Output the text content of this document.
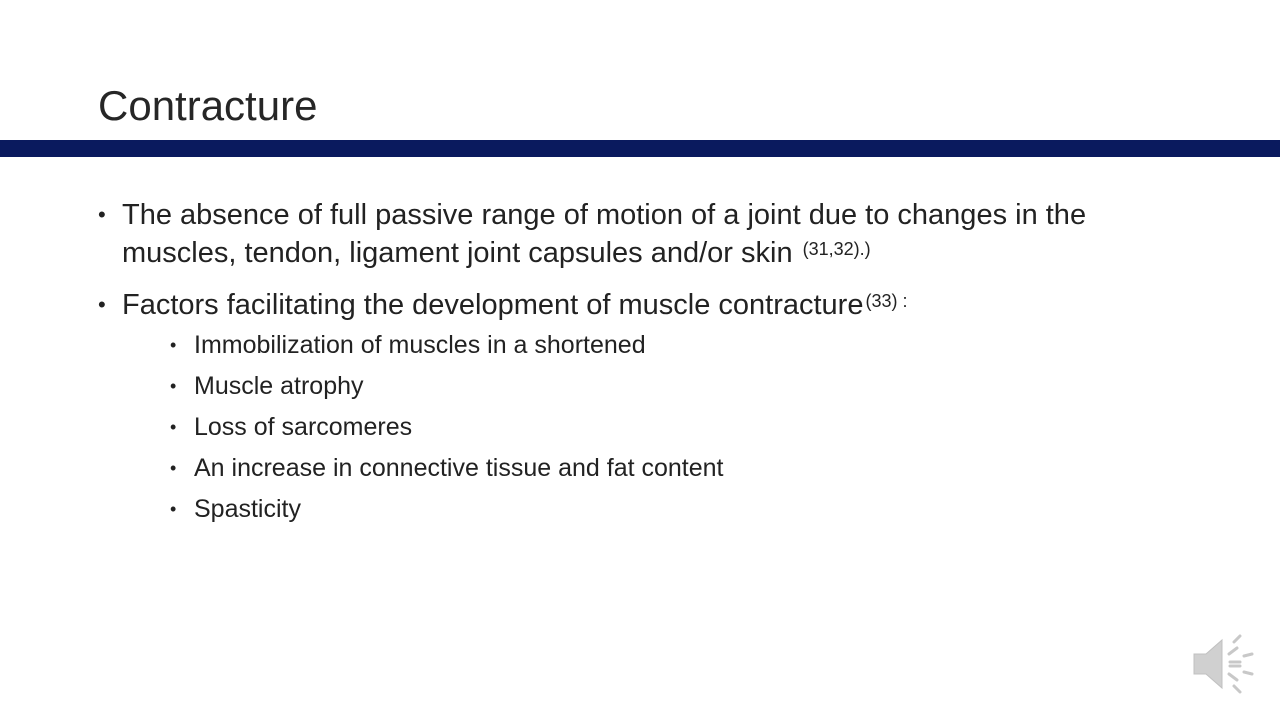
Contracture
• The absence of full passive range of motion of a joint due to changes in the muscles, tendon, ligament joint capsules and/or skin $^{(31,32).)}$
• Factors facilitating the development of muscle contracture $^{(33) :}$
• Immobilization of muscles in a shortened
• Muscle atrophy
• Loss of sarcomeres
• An increase in connective tissue and fat content
• Spasticity
